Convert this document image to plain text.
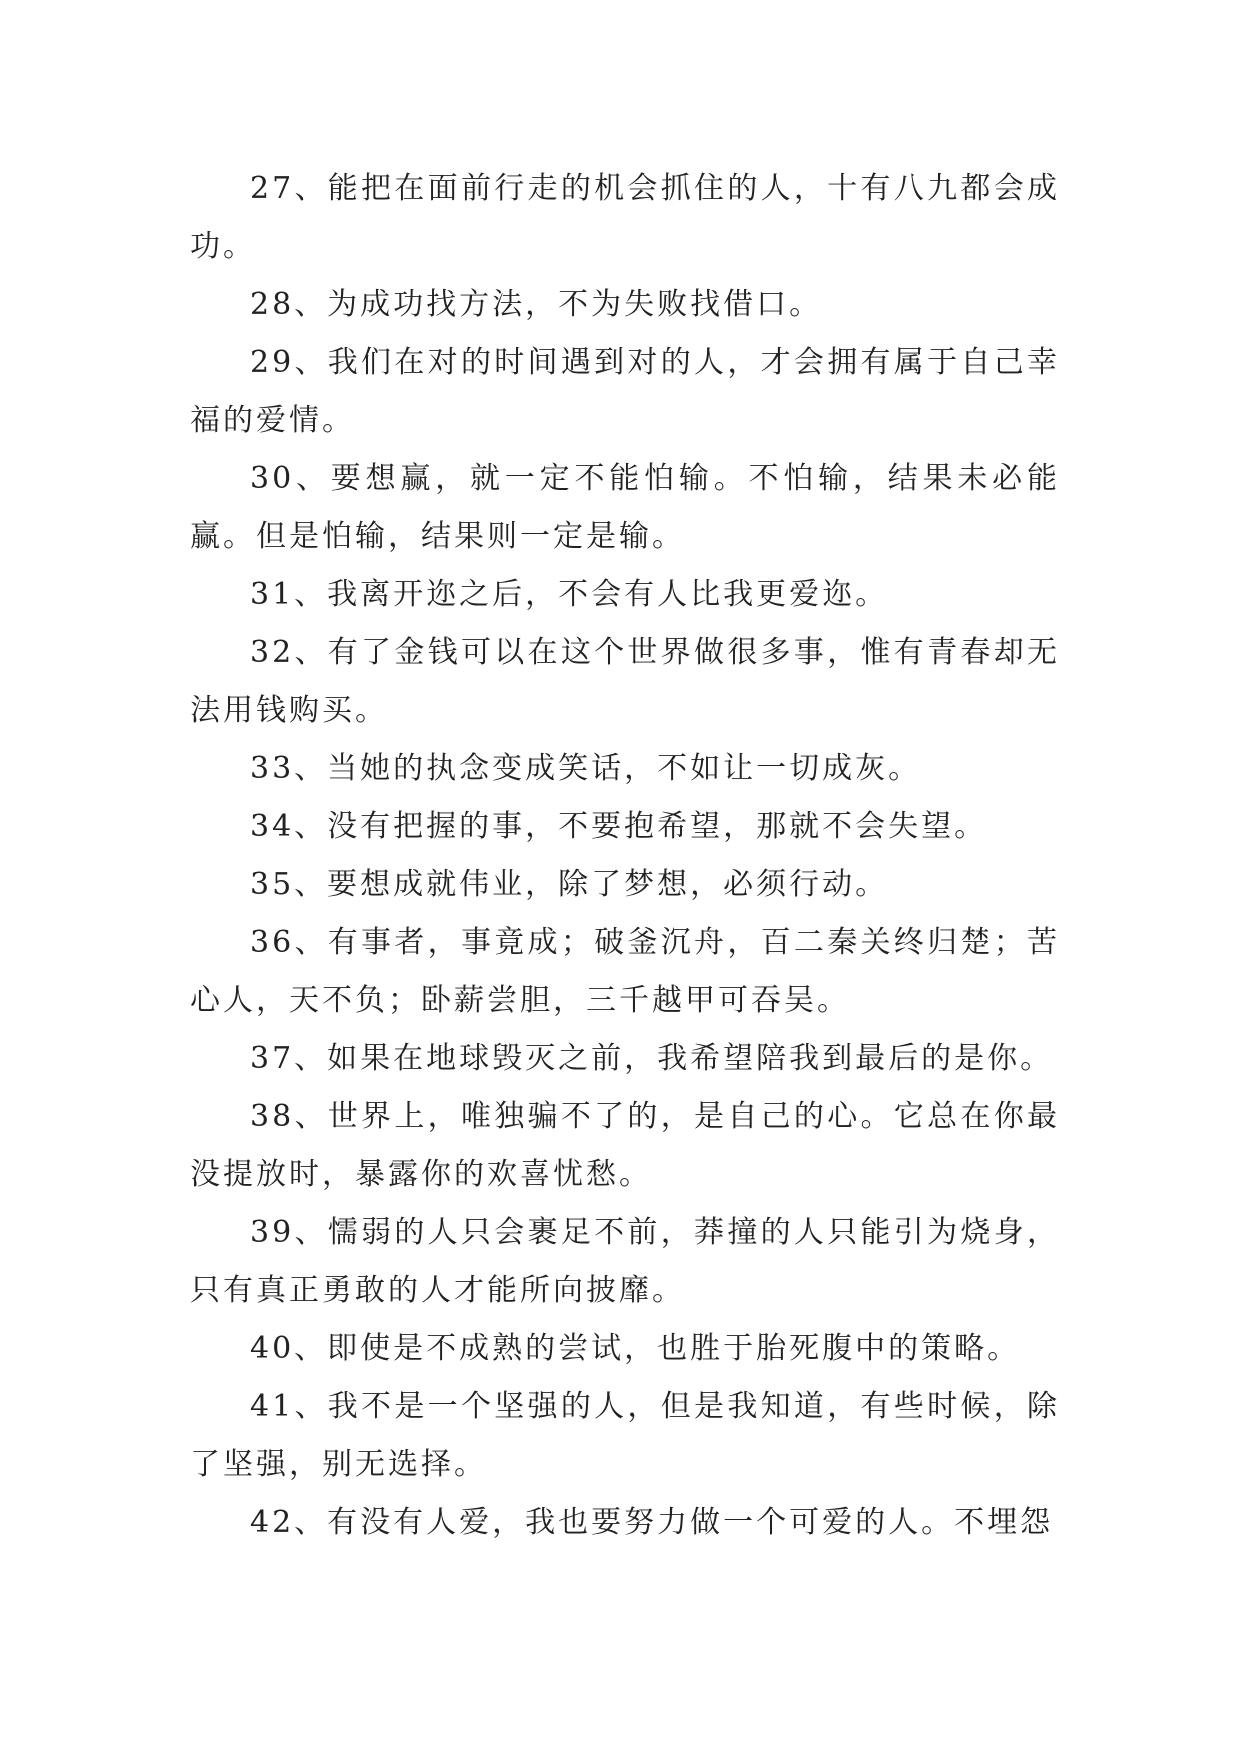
27、能把在面前行走的机会抓住的人，十有八九都会成功。

28、为成功找方法，不为失败找借口。

29、我们在对的时间遇到对的人，才会拥有属于自己幸福的爱情。

30、要想赢，就一定不能怕输。不怕输，结果未必能赢。但是怕输，结果则一定是输。

31、我离开迩之后，不会有人比我更爱迩。

32、有了金钱可以在这个世界做很多事，惟有青春却无法用钱购买。

33、当她的执念变成笑话，不如让一切成灰。

34、没有把握的事，不要抱希望，那就不会失望。

35、要想成就伟业，除了梦想，必须行动。

36、有事者，事竟成；破釜沉舟，百二秦关终归楚；苦心人，天不负；卧薪尝胆，三千越甲可吞吴。

37、如果在地球毁灭之前，我希望陪我到最后的是你。

38、世界上，唯独骗不了的，是自己的心。它总在你最没提放时，暴露你的欢喜忧愁。

39、懦弱的人只会裹足不前，莽撞的人只能引为烧身，只有真正勇敢的人才能所向披靡。

40、即使是不成熟的尝试，也胜于胎死腹中的策略。

41、我不是一个坚强的人，但是我知道，有些时候，除了坚强，别无选择。

42、有没有人爱，我也要努力做一个可爱的人。不埋怨
